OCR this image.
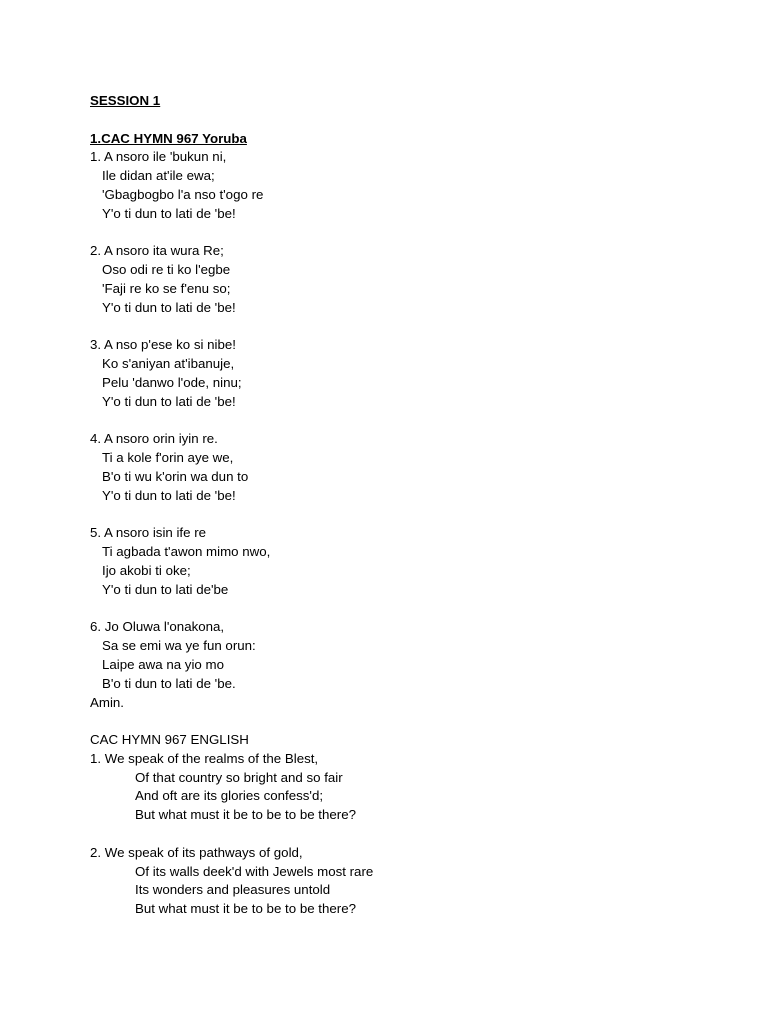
SESSION 1
1.CAC HYMN 967 Yoruba
1. A nsoro ile 'bukun ni,
Ile didan at'ile ewa;
'Gbagbogbo l'a nso t'ogo re
Y'o ti dun to lati de 'be!
2. A nsoro ita wura Re;
Oso odi re ti ko l'egbe
'Faji re ko se f'enu so;
Y'o ti dun to lati de 'be!
3. A nso p'ese ko si nibe!
Ko s'aniyan at'ibanuje,
Pelu 'danwo l'ode, ninu;
Y'o ti dun to lati de 'be!
4. A nsoro orin iyin re.
Ti a kole f'orin aye we,
B'o ti wu k'orin wa dun to
Y'o ti dun to lati de 'be!
5. A nsoro isin ife re
Ti agbada t'awon mimo nwo,
Ijo akobi ti oke;
Y'o ti dun to lati de'be
6. Jo Oluwa l'onakona,
Sa se emi wa ye fun orun:
Laipe awa na yio mo
B'o ti dun to lati de 'be.
Amin.
CAC HYMN 967 ENGLISH
1. We speak of the realms of the Blest,
Of that country so bright and so fair
And oft are its glories confess'd;
But what must it be to be to be there?
2. We speak of its pathways of gold,
Of its walls deek'd with Jewels most rare
Its wonders and pleasures untold
But what must it be to be to be there?
